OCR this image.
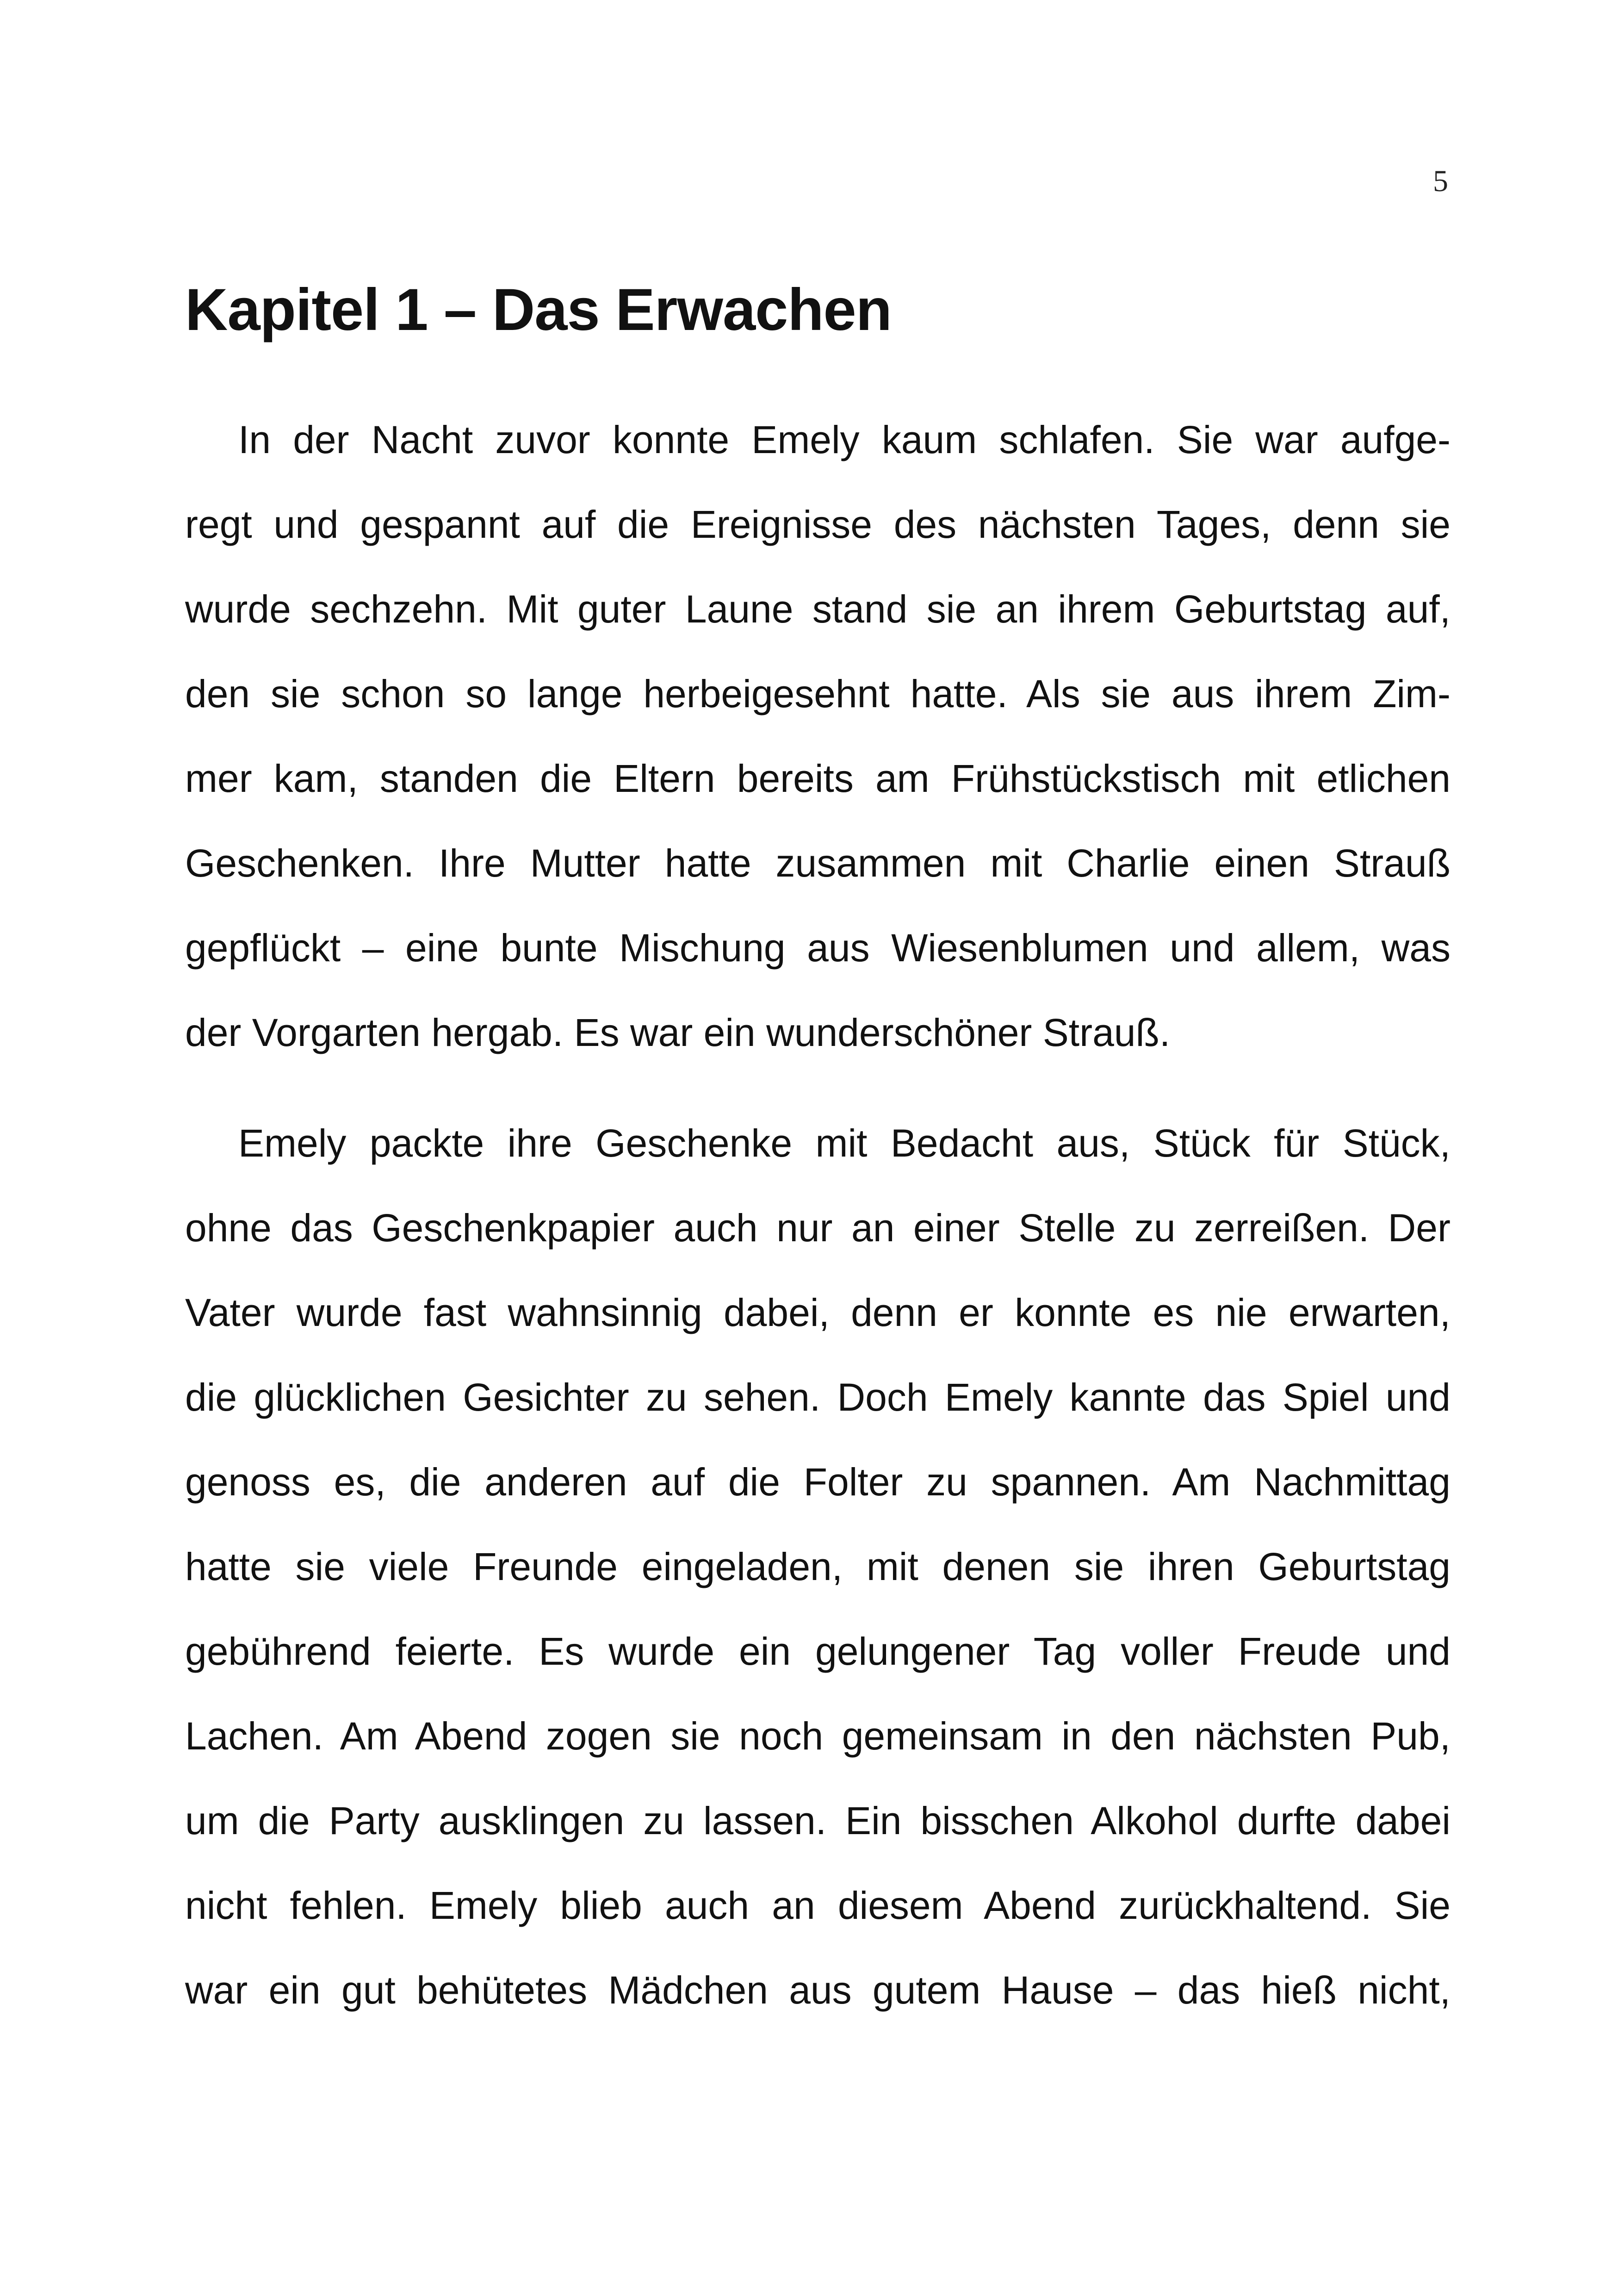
5
Kapitel 1 – Das Erwachen
In der Nacht zuvor konnte Emely kaum schlafen. Sie war aufge-
regt und gespannt auf die Ereignisse des nächsten Tages, denn sie
wurde sechzehn. Mit guter Laune stand sie an ihrem Geburtstag auf,
den sie schon so lange herbeigesehnt hatte. Als sie aus ihrem Zim-
mer kam, standen die Eltern bereits am Frühstückstisch mit etlichen
Geschenken. Ihre Mutter hatte zusammen mit Charlie einen Strauß
gepflückt – eine bunte Mischung aus Wiesenblumen und allem, was
der Vorgarten hergab. Es war ein wunderschöner Strauß.
Emely packte ihre Geschenke mit Bedacht aus, Stück für Stück,
ohne das Geschenkpapier auch nur an einer Stelle zu zerreißen. Der
Vater wurde fast wahnsinnig dabei, denn er konnte es nie erwarten,
die glücklichen Gesichter zu sehen. Doch Emely kannte das Spiel und
genoss es, die anderen auf die Folter zu spannen. Am Nachmittag
hatte sie viele Freunde eingeladen, mit denen sie ihren Geburtstag
gebührend feierte. Es wurde ein gelungener Tag voller Freude und
Lachen. Am Abend zogen sie noch gemeinsam in den nächsten Pub,
um die Party ausklingen zu lassen. Ein bisschen Alkohol durfte dabei
nicht fehlen. Emely blieb auch an diesem Abend zurückhaltend. Sie
war ein gut behütetes Mädchen aus gutem Hause – das hieß nicht,
